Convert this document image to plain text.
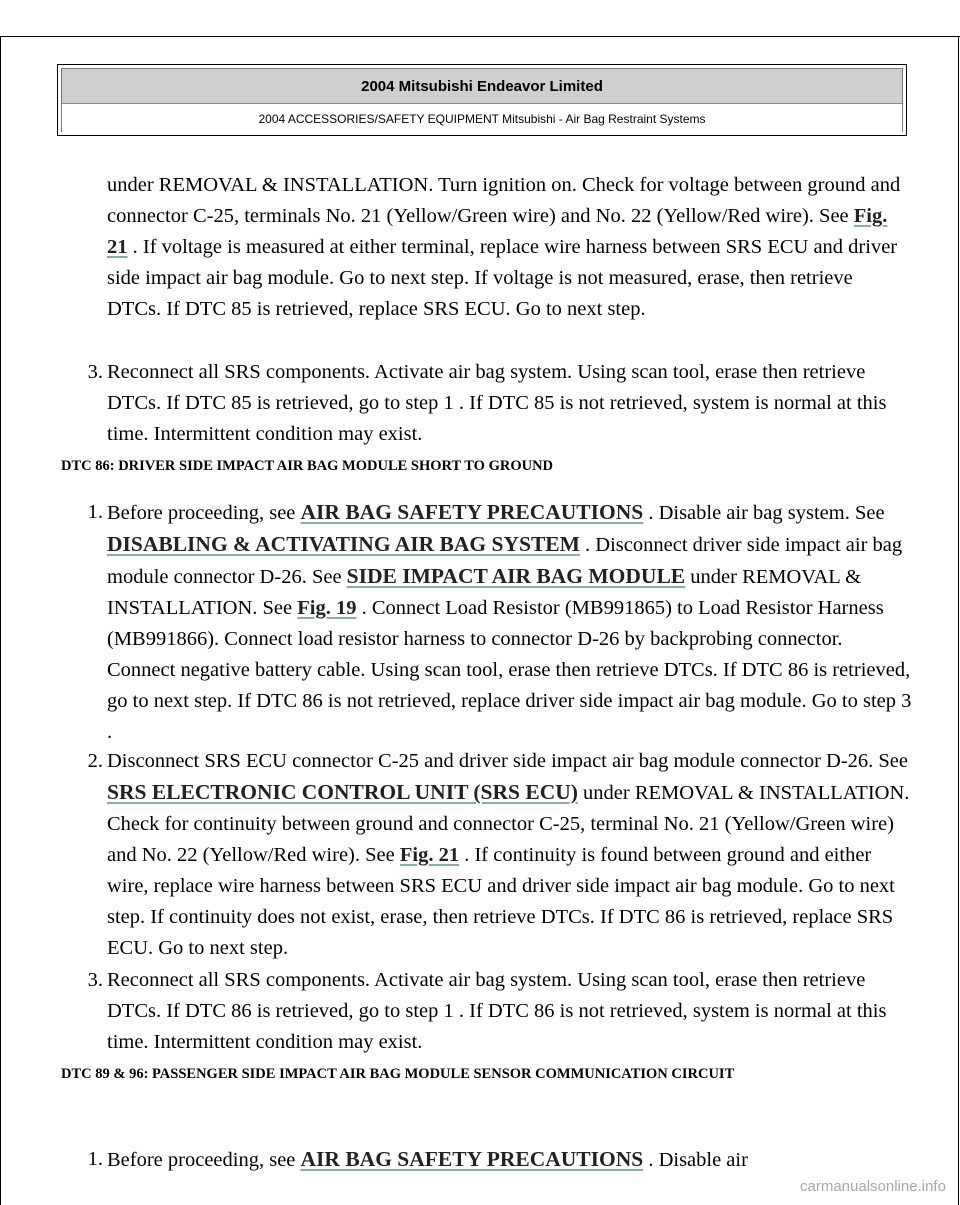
2004 Mitsubishi Endeavor Limited
2004 ACCESSORIES/SAFETY EQUIPMENT Mitsubishi - Air Bag Restraint Systems

under REMOVAL & INSTALLATION. Turn ignition on. Check for voltage between ground and connector C-25, terminals No. 21 (Yellow/Green wire) and No. 22 (Yellow/Red wire). See Fig. 21 . If voltage is measured at either terminal, replace wire harness between SRS ECU and driver side impact air bag module. Go to next step. If voltage is not measured, erase, then retrieve DTCs. If DTC 85 is retrieved, replace SRS ECU. Go to next step.

3. Reconnect all SRS components. Activate air bag system. Using scan tool, erase then retrieve DTCs. If DTC 85 is retrieved, go to step 1 . If DTC 85 is not retrieved, system is normal at this time. Intermittent condition may exist.
DTC 86: DRIVER SIDE IMPACT AIR BAG MODULE SHORT TO GROUND
1. Before proceeding, see AIR BAG SAFETY PRECAUTIONS . Disable air bag system. See DISABLING & ACTIVATING AIR BAG SYSTEM . Disconnect driver side impact air bag module connector D-26. See SIDE IMPACT AIR BAG MODULE under REMOVAL & INSTALLATION. See Fig. 19 . Connect Load Resistor (MB991865) to Load Resistor Harness (MB991866). Connect load resistor harness to connector D-26 by backprobing connector. Connect negative battery cable. Using scan tool, erase then retrieve DTCs. If DTC 86 is retrieved, go to next step. If DTC 86 is not retrieved, replace driver side impact air bag module. Go to step 3 .
2. Disconnect SRS ECU connector C-25 and driver side impact air bag module connector D-26. See SRS ELECTRONIC CONTROL UNIT (SRS ECU) under REMOVAL & INSTALLATION. Check for continuity between ground and connector C-25, terminal No. 21 (Yellow/Green wire) and No. 22 (Yellow/Red wire). See Fig. 21 . If continuity is found between ground and either wire, replace wire harness between SRS ECU and driver side impact air bag module. Go to next step. If continuity does not exist, erase, then retrieve DTCs. If DTC 86 is retrieved, replace SRS ECU. Go to next step.
3. Reconnect all SRS components. Activate air bag system. Using scan tool, erase then retrieve DTCs. If DTC 86 is retrieved, go to step 1 . If DTC 86 is not retrieved, system is normal at this time. Intermittent condition may exist.
DTC 89 & 96: PASSENGER SIDE IMPACT AIR BAG MODULE SENSOR COMMUNICATION CIRCUIT
1. Before proceeding, see AIR BAG SAFETY PRECAUTIONS . Disable air
carmanualsonline.info
